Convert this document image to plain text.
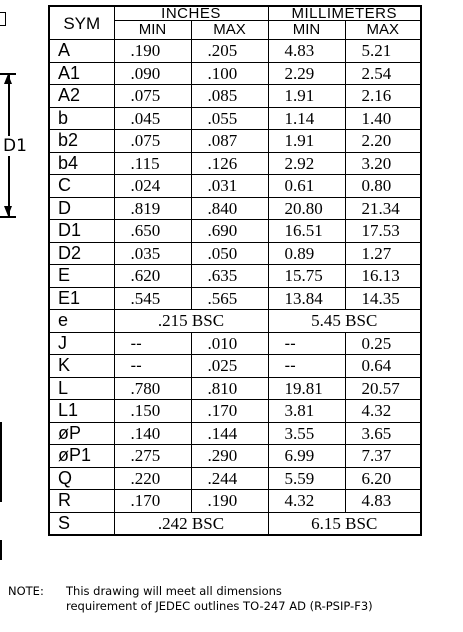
D1
SYM	INCHES		MILLIMETERS	
	MIN	MAX	MIN	MAX
A	.190	.205	4.83	5.21
A1	.090	.100	2.29	2.54
A2	.075	.085	1.91	2.16
b	.045	.055	1.14	1.40
b2	.075	.087	1.91	2.20
b4	.115	.126	2.92	3.20
C	.024	.031	0.61	0.80
D	.819	.840	20.80	21.34
D1	.650	.690	16.51	17.53
D2	.035	.050	0.89	1.27
E	.620	.635	15.75	16.13
E1	.545	.565	13.84	14.35
e	.215 BSC		5.45 BSC	
J	--	.010	--	0.25
K	--	.025	--	0.64
L	.780	.810	19.81	20.57
L1	.150	.170	3.81	4.32
øP	.140	.144	3.55	3.65
øP1	.275	.290	6.99	7.37
Q	.220	.244	5.59	6.20
R	.170	.190	4.32	4.83
S	.242 BSC		6.15 BSC	
NOTE: This drawing will meet all dimensions
requirement of JEDEC outlines TO-247 AD (R-PSIP-F3)
